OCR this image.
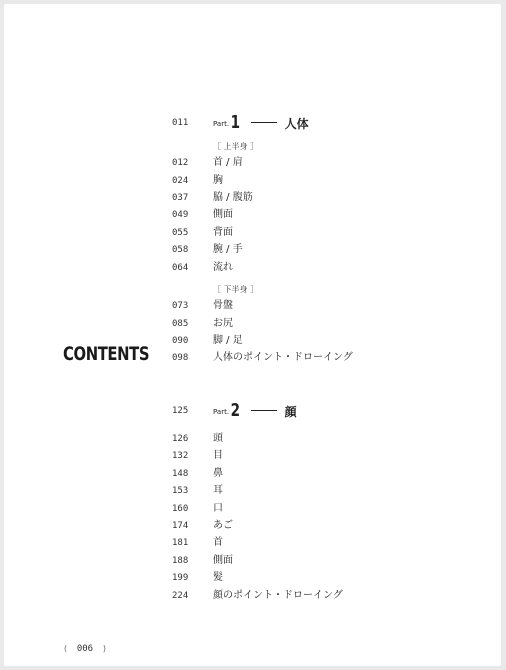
CONTENTS
011	$^{Part.}$1	人体
［ 上半身 ］
012	首 / 肩
024	胸
037	脇 / 腹筋
049	側面
055	背面
058	腕 / 手
064	流れ
［ 下半身 ］
073	骨盤
085	お尻
090	脚 / 足
098	人体のポイント・ドローイング
125	$^{Part.}$2	顔
126	頭
132	目
148	鼻
153	耳
160	口
174	あご
181	首
188	側面
199	髪
224	顔のポイント・ドローイング
( 006 )
